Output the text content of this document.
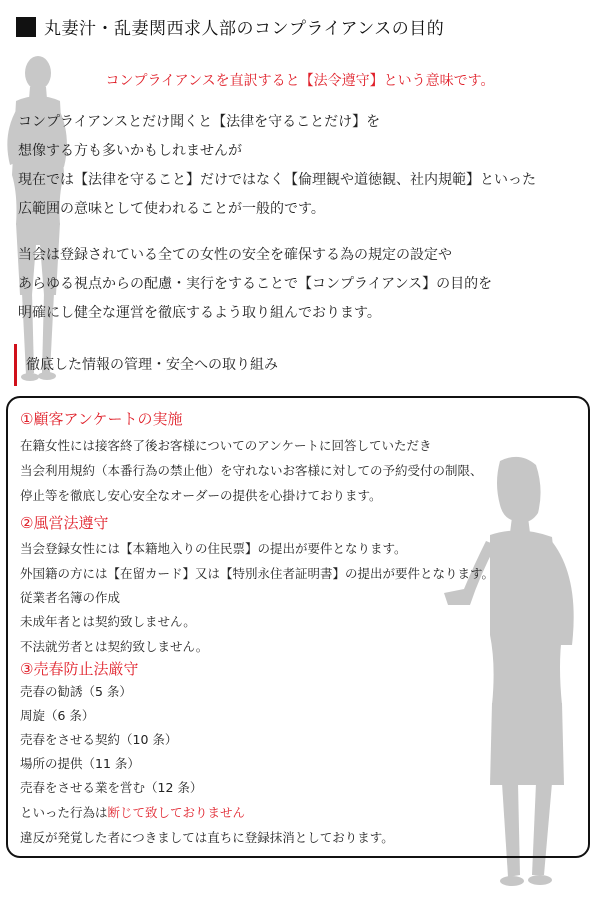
丸妻汁・乱妻関西求人部のコンプライアンスの目的
コンプライアンスを直訳すると【法令遵守】という意味です。
コンプライアンスとだけ聞くと【法律を守ることだけ】を
想像する方も多いかもしれませんが
現在では【法律を守ること】だけではなく【倫理観や道徳観、社内規範】といった
広範囲の意味として使われることが一般的です。
当会は登録されている全ての女性の安全を確保する為の規定の設定や
あらゆる視点からの配慮・実行をすることで【コンプライアンス】の目的を
明確にし健全な運営を徹底するよう取り組んでおります。
徹底した情報の管理・安全への取り組み
①顧客アンケートの実施
在籍女性には接客終了後お客様についてのアンケートに回答していただき
当会利用規約（本番行為の禁止他）を守れないお客様に対しての予約受付の制限、
停止等を徹底し安心安全なオーダーの提供を心掛けております。
②風営法遵守
当会登録女性には【本籍地入りの住民票】の提出が要件となります。
外国籍の方には【在留カード】又は【特別永住者証明書】の提出が要件となります。
従業者名簿の作成
未成年者とは契約致しません。
不法就労者とは契約致しません。
③売春防止法厳守
売春の勧誘（5 条）
周旋（6 条）
売春をさせる契約（10 条）
場所の提供（11 条）
売春をさせる業を営む（12 条）
といった行為は断じて致しておりません
違反が発覚した者につきましては直ちに登録抹消としております。
